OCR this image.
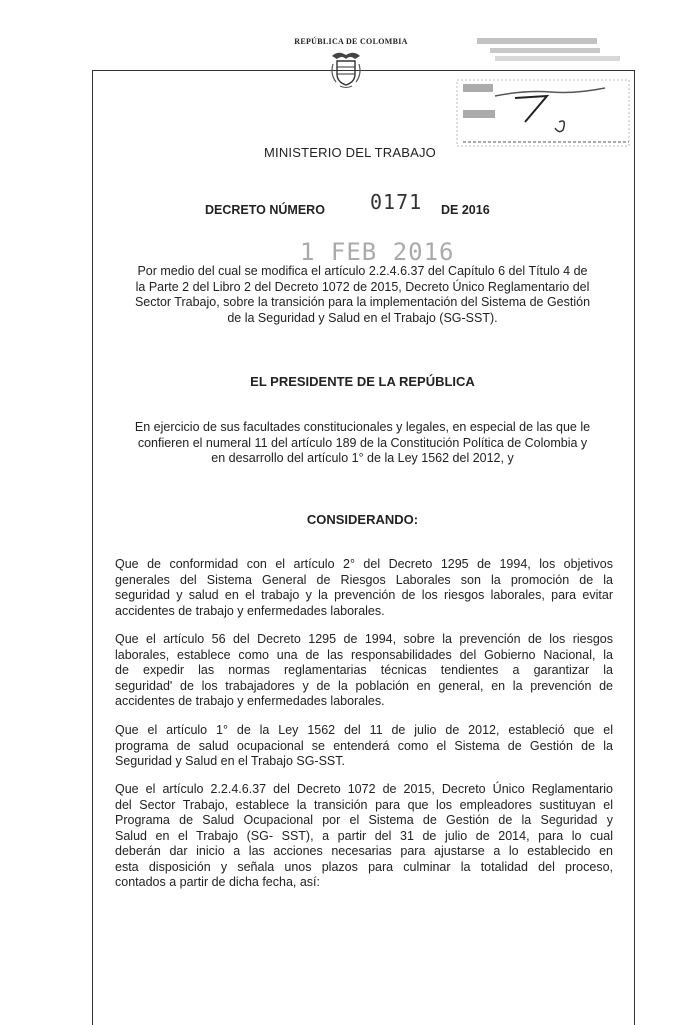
REPÚBLICA DE COLOMBIA
MINISTERIO DEL TRABAJO
DECRETO NÚMERO 0171 DE 2016
1 FEB 2016
Por medio del cual se modifica el artículo 2.2.4.6.37 del Capítulo 6 del Título 4 de
la Parte 2 del Libro 2 del Decreto 1072 de 2015, Decreto Único Reglamentario del
Sector Trabajo, sobre la transición para la implementación del Sistema de Gestión
de la Seguridad y Salud en el Trabajo (SG-SST).
EL PRESIDENTE DE LA REPÚBLICA
En ejercicio de sus facultades constitucionales y legales, en especial de las que le
confieren el numeral 11 del artículo 189 de la Constitución Política de Colombia y
en desarrollo del artículo 1° de la Ley 1562 del 2012, y
CONSIDERANDO:
Que de conformidad con el artículo 2° del Decreto 1295 de 1994, los objetivos
generales del Sistema General de Riesgos Laborales son la promoción de la
seguridad y salud en el trabajo y la prevención de los riesgos laborales, para evitar
accidentes de trabajo y enfermedades laborales.
Que el artículo 56 del Decreto 1295 de 1994, sobre la prevención de los riesgos
laborales, establece como una de las responsabilidades del Gobierno Nacional, la
de expedir las normas reglamentarias técnicas tendientes a garantizar la
seguridad' de los trabajadores y de la población en general, en la prevención de
accidentes de trabajo y enfermedades laborales.
Que el artículo 1° de la Ley 1562 del 11 de julio de 2012, estableció que el
programa de salud ocupacional se entenderá como el Sistema de Gestión de la
Seguridad y Salud en el Trabajo SG-SST.
Que el artículo 2.2.4.6.37 del Decreto 1072 de 2015, Decreto Único Reglamentario
del Sector Trabajo, establece la transición para que los empleadores sustituyan el
Programa de Salud Ocupacional por el Sistema de Gestión de la Seguridad y
Salud en el Trabajo (SG- SST), a partir del 31 de julio de 2014, para lo cual
deberán dar inicio a las acciones necesarias para ajustarse a lo establecido en
esta disposición y señala unos plazos para culminar la totalidad del proceso,
contados a partir de dicha fecha, así:
